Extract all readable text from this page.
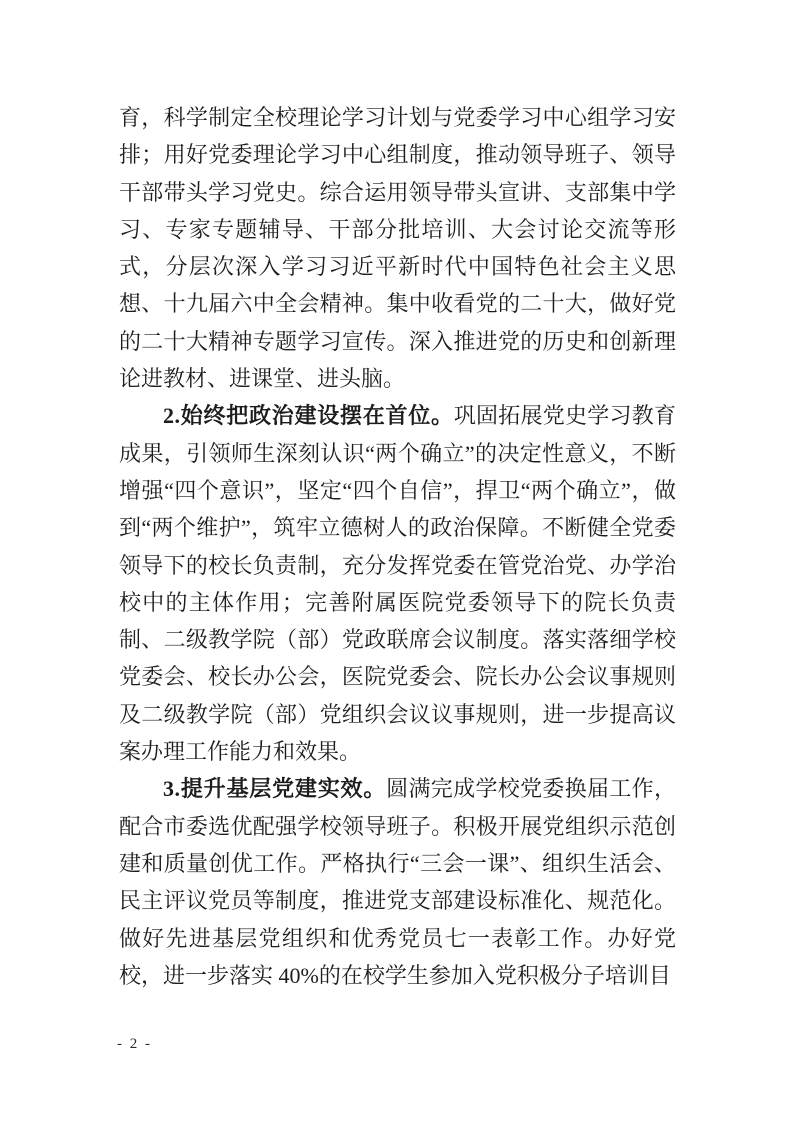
育，科学制定全校理论学习计划与党委学习中心组学习安排；用好党委理论学习中心组制度，推动领导班子、领导干部带头学习党史。综合运用领导带头宣讲、支部集中学习、专家专题辅导、干部分批培训、大会讨论交流等形式，分层次深入学习习近平新时代中国特色社会主义思想、十九届六中全会精神。集中收看党的二十大，做好党的二十大精神专题学习宣传。深入推进党的历史和创新理论进教材、进课堂、进头脑。

2.始终把政治建设摆在首位。巩固拓展党史学习教育成果，引领师生深刻认识“两个确立”的决定性意义，不断增强“四个意识”，坚定“四个自信”，捍卫“两个确立”，做到“两个维护”，筑牢立德树人的政治保障。不断健全党委领导下的校长负责制，充分发挥党委在管党治党、办学治校中的主体作用；完善附属医院党委领导下的院长负责制、二级教学院（部）党政联席会议制度。落实落细学校党委会、校长办公会，医院党委会、院长办公会议事规则及二级教学院（部）党组织会议议事规则，进一步提高议案办理工作能力和效果。

3.提升基层党建实效。圆满完成学校党委换届工作，配合市委选优配强学校领导班子。积极开展党组织示范创建和质量创优工作。严格执行“三会一课”、组织生活会、民主评议党员等制度，推进党支部建设标准化、规范化。做好先进基层党组织和优秀党员七一表彰工作。办好党校，进一步落实 40%的在校学生参加入党积极分子培训目

- 2 -
